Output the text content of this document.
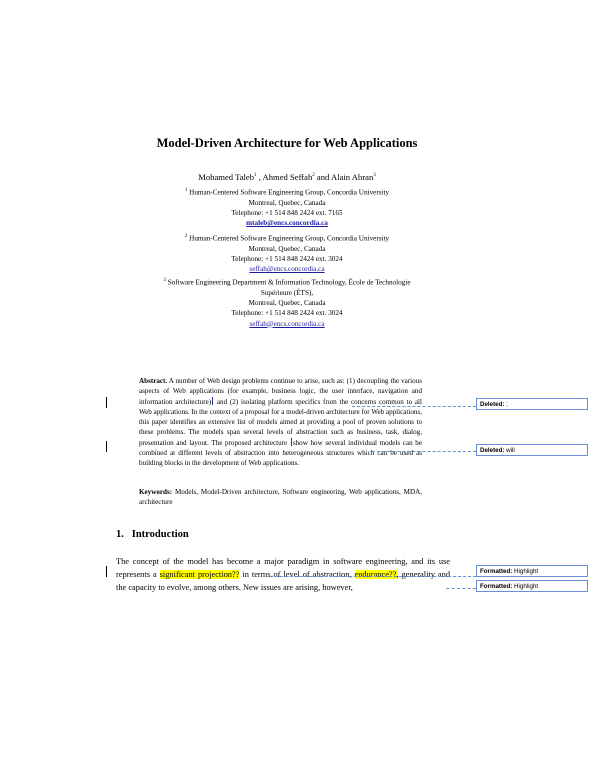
Model-Driven Architecture for Web Applications
Mohamed Taleb$^1$ , Ahmed Seffah$^2$ and Alain Abran$^3$
$^1$ Human-Centered Software Engineering Group, Concordia University
Montreal, Quebec, Canada
Telephone: +1 514 848 2424 ext. 7165
mtaleb@encs.concordia.ca
$^2$ Human-Centered Software Engineering Group, Concordia University
Montreal, Quebec, Canada
Telephone: +1 514 848 2424 ext. 3024
seffah@encs.concordia.ca
$^3$ Software Engineering Department & Information Technology, École de Technologie
Supérieure (ÉTS),
Montreal, Quebec, Canada
Telephone: +1 514 848 2424 ext. 3024
seffah@encs.concordia.ca
Abstract. A number of Web design problems continue to arise, such as: (1) decoupling the various aspects of Web applications (for example, business logic, the user interface, navigation and information architecture) and (2) isolating platform specifics from the concerns common to all Web applications. In the context of a proposal for a model-driven architecture for Web applications, this paper identifies an extensive list of models aimed at providing a pool of proven solutions to these problems. The models span several levels of abstraction such as business, task, dialog, presentation and layout. The proposed architecture show how several individual models can be combined at different levels of abstraction into heterogeneous structures which can be used as building blocks in the development of Web applications.
Keywords: Models, Model-Driven architecture, Software engineering, Web applications, MDA, architecture
1. Introduction
The concept of the model has become a major paradigm in software engineering, and its use represents a significant projection?? in terms of level of abstraction, endurance??, generality and the capacity to evolve, among others. New issues are arising, however,
Deleted: ;
Deleted: will
Formatted: Highlight
Formatted: Highlight
